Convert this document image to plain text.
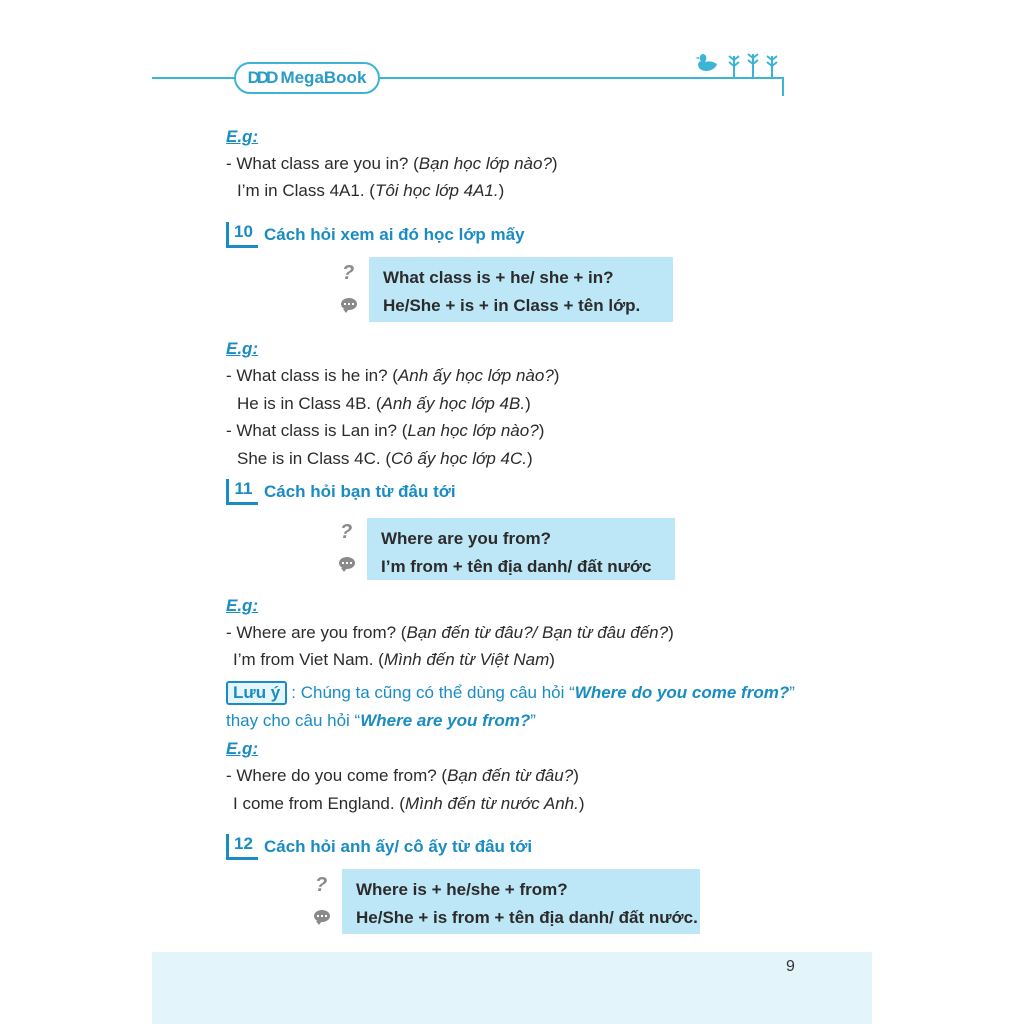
DDD MegaBook
E.g:
- What class are you in? (Bạn học lớp nào?)
I’m in Class 4A1. (Tôi học lớp 4A1.)
10 Cách hỏi xem ai đó học lớp mấy
? What class is + he/ she + in?
He/She + is + in Class + tên lớp.
E.g:
- What class is he in? (Anh ấy học lớp nào?)
He is in Class 4B. (Anh ấy học lớp 4B.)
- What class is Lan in? (Lan học lớp nào?)
She is in Class 4C. (Cô ấy học lớp 4C.)
11 Cách hỏi bạn từ đâu tới
? Where are you from?
I’m from + tên địa danh/ đất nước
E.g:
- Where are you from? (Bạn đến từ đâu?/ Bạn từ đâu đến?)
I’m from Viet Nam. (Mình đến từ Việt Nam)
Lưu ý : Chúng ta cũng có thể dùng câu hỏi “Where do you come from?”
thay cho câu hỏi “Where are you from?”
E.g:
- Where do you come from? (Bạn đến từ đâu?)
I come from England. (Mình đến từ nước Anh.)
12 Cách hỏi anh ấy/ cô ấy từ đâu tới
? Where is + he/she + from?
He/She + is from + tên địa danh/ đất nước.
9
